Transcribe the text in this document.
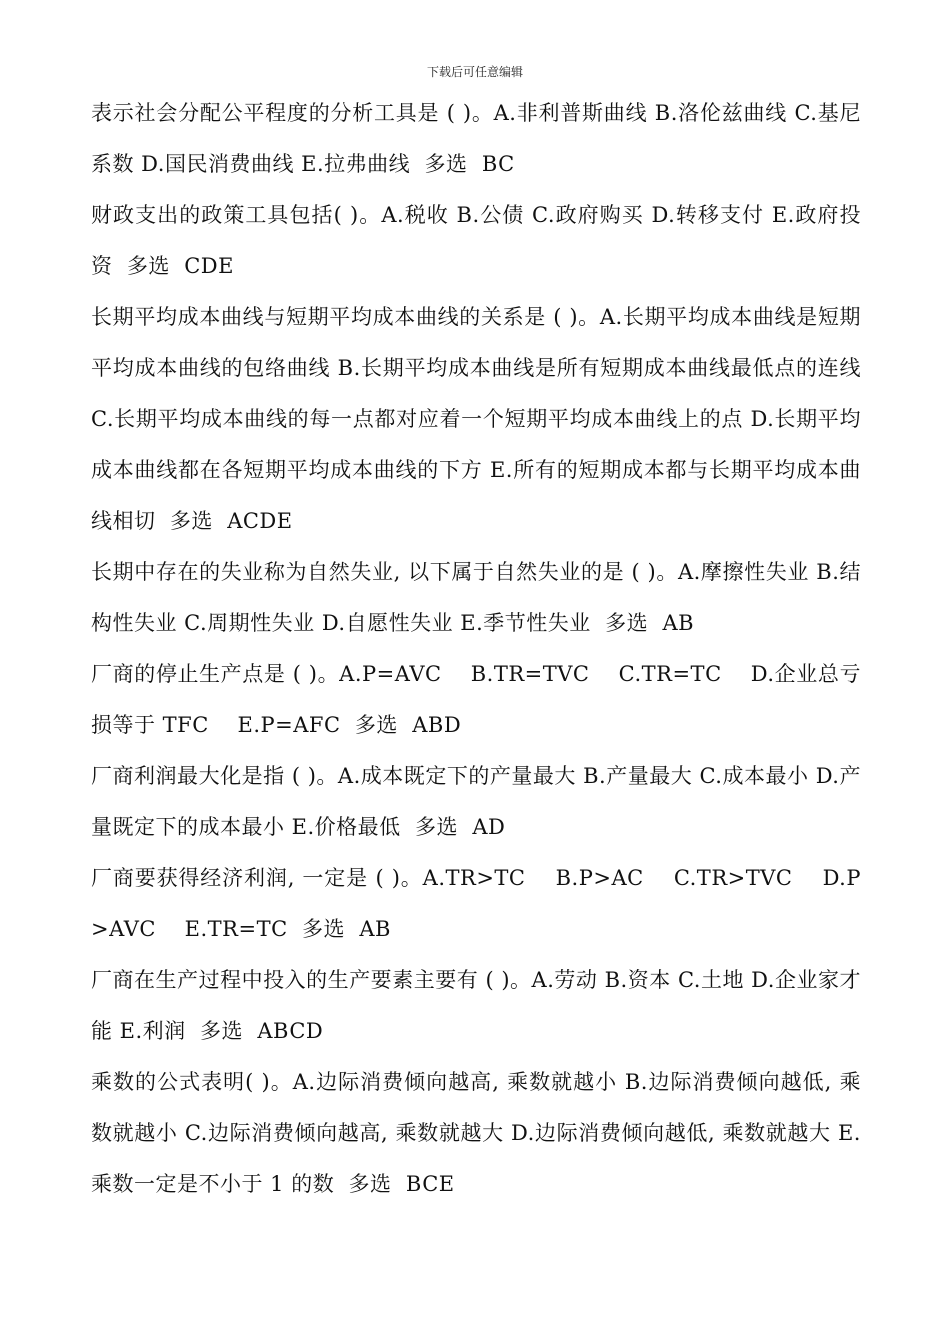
下载后可任意编辑

表示社会分配公平程度的分析工具是 ( )。A.非利普斯曲线 B.洛伦兹曲线 C.基尼系数 D.国民消费曲线 E.拉弗曲线  多选  BC

财政支出的政策工具包括( )。A.税收 B.公债 C.政府购买 D.转移支付 E.政府投资  多选  CDE

长期平均成本曲线与短期平均成本曲线的关系是 ( )。A.长期平均成本曲线是短期平均成本曲线的包络曲线 B.长期平均成本曲线是所有短期成本曲线最低点的连线 C.长期平均成本曲线的每一点都对应着一个短期平均成本曲线上的点 D.长期平均成本曲线都在各短期平均成本曲线的下方 E.所有的短期成本都与长期平均成本曲线相切  多选  ACDE

长期中存在的失业称为自然失业, 以下属于自然失业的是 ( )。A.摩擦性失业 B.结构性失业 C.周期性失业 D.自愿性失业 E.季节性失业  多选  AB

厂商的停止生产点是 ( )。A.P=AVC    B.TR=TVC    C.TR=TC    D.企业总亏损等于 TFC    E.P=AFC  多选  ABD

厂商利润最大化是指 ( )。A.成本既定下的产量最大 B.产量最大 C.成本最小 D.产量既定下的成本最小 E.价格最低  多选  AD

厂商要获得经济利润, 一定是 ( )。A.TR>TC    B.P>AC    C.TR>TVC    D.P>AVC    E.TR=TC  多选  AB

厂商在生产过程中投入的生产要素主要有 ( )。A.劳动 B.资本 C.土地 D.企业家才能 E.利润  多选  ABCD

乘数的公式表明( )。A.边际消费倾向越高, 乘数就越小 B.边际消费倾向越低, 乘数就越小 C.边际消费倾向越高, 乘数就越大 D.边际消费倾向越低, 乘数就越大 E.乘数一定是不小于 1 的数  多选  BCE
